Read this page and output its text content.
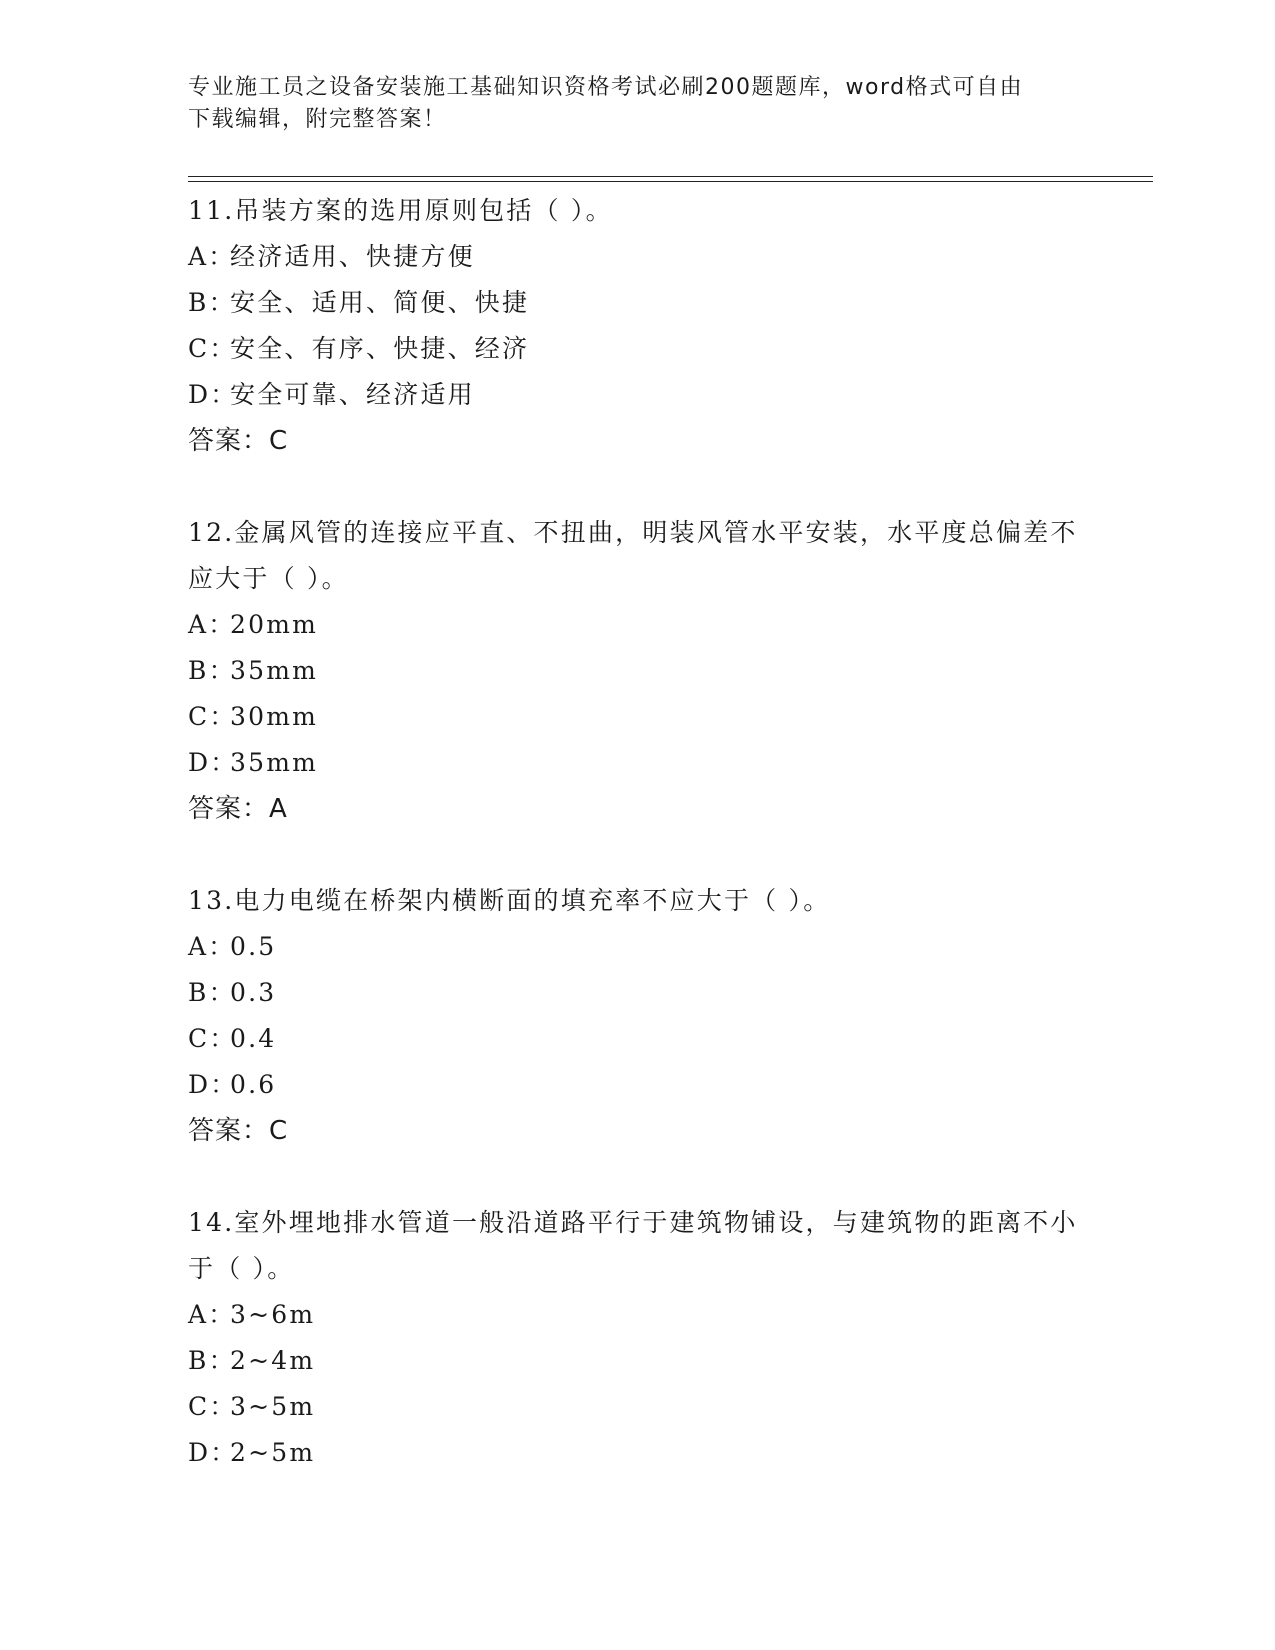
专业施工员之设备安装施工基础知识资格考试必刷200题题库，word格式可自由
下载编辑，附完整答案！
11.吊装方案的选用原则包括（ ）。
A：经济适用、快捷方便
B：安全、适用、简便、快捷
C：安全、有序、快捷、经济
D：安全可靠、经济适用
答案：C
12.金属风管的连接应平直、不扭曲，明装风管水平安装，水平度总偏差不应大于（ ）。
A：20mm
B：35mm
C：30mm
D：35mm
答案：A
13.电力电缆在桥架内横断面的填充率不应大于（ ）。
A：0.5
B：0.3
C：0.4
D：0.6
答案：C
14.室外埋地排水管道一般沿道路平行于建筑物铺设，与建筑物的距离不小于（ ）。
A：3~6m
B：2~4m
C：3~5m
D：2~5m
